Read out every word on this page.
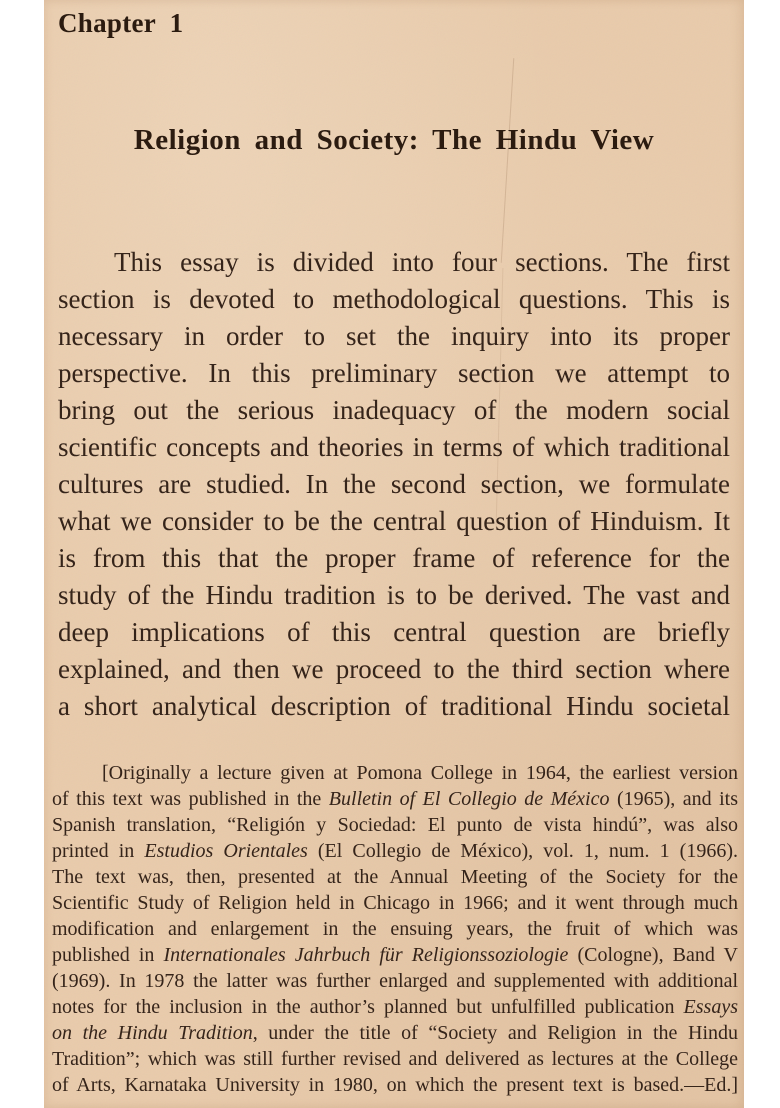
Chapter 1
Religion and Society: The Hindu View
This essay is divided into four sections. The first
section is devoted to methodological questions. This is
necessary in order to set the inquiry into its proper
perspective. In this preliminary section we attempt to
bring out the serious inadequacy of the modern social
scientific concepts and theories in terms of which traditional
cultures are studied. In the second section, we formulate
what we consider to be the central question of Hinduism. It
is from this that the proper frame of reference for the
study of the Hindu tradition is to be derived. The vast and
deep implications of this central question are briefly
explained, and then we proceed to the third section where
a short analytical description of traditional Hindu societal
[Originally a lecture given at Pomona College in 1964, the earliest version
of this text was published in the Bulletin of El Collegio de México (1965), and its
Spanish translation, “Religión y Sociedad: El punto de vista hindú”, was also
printed in Estudios Orientales (El Collegio de México), vol. 1, num. 1 (1966).
The text was, then, presented at the Annual Meeting of the Society for the
Scientific Study of Religion held in Chicago in 1966; and it went through much
modification and enlargement in the ensuing years, the fruit of which was
published in Internationales Jahrbuch für Religionssoziologie (Cologne), Band V
(1969). In 1978 the latter was further enlarged and supplemented with additional
notes for the inclusion in the author’s planned but unfulfilled publication Essays
on the Hindu Tradition, under the title of “Society and Religion in the Hindu
Tradition”; which was still further revised and delivered as lectures at the College
of Arts, Karnataka University in 1980, on which the present text is based.—Ed.]
